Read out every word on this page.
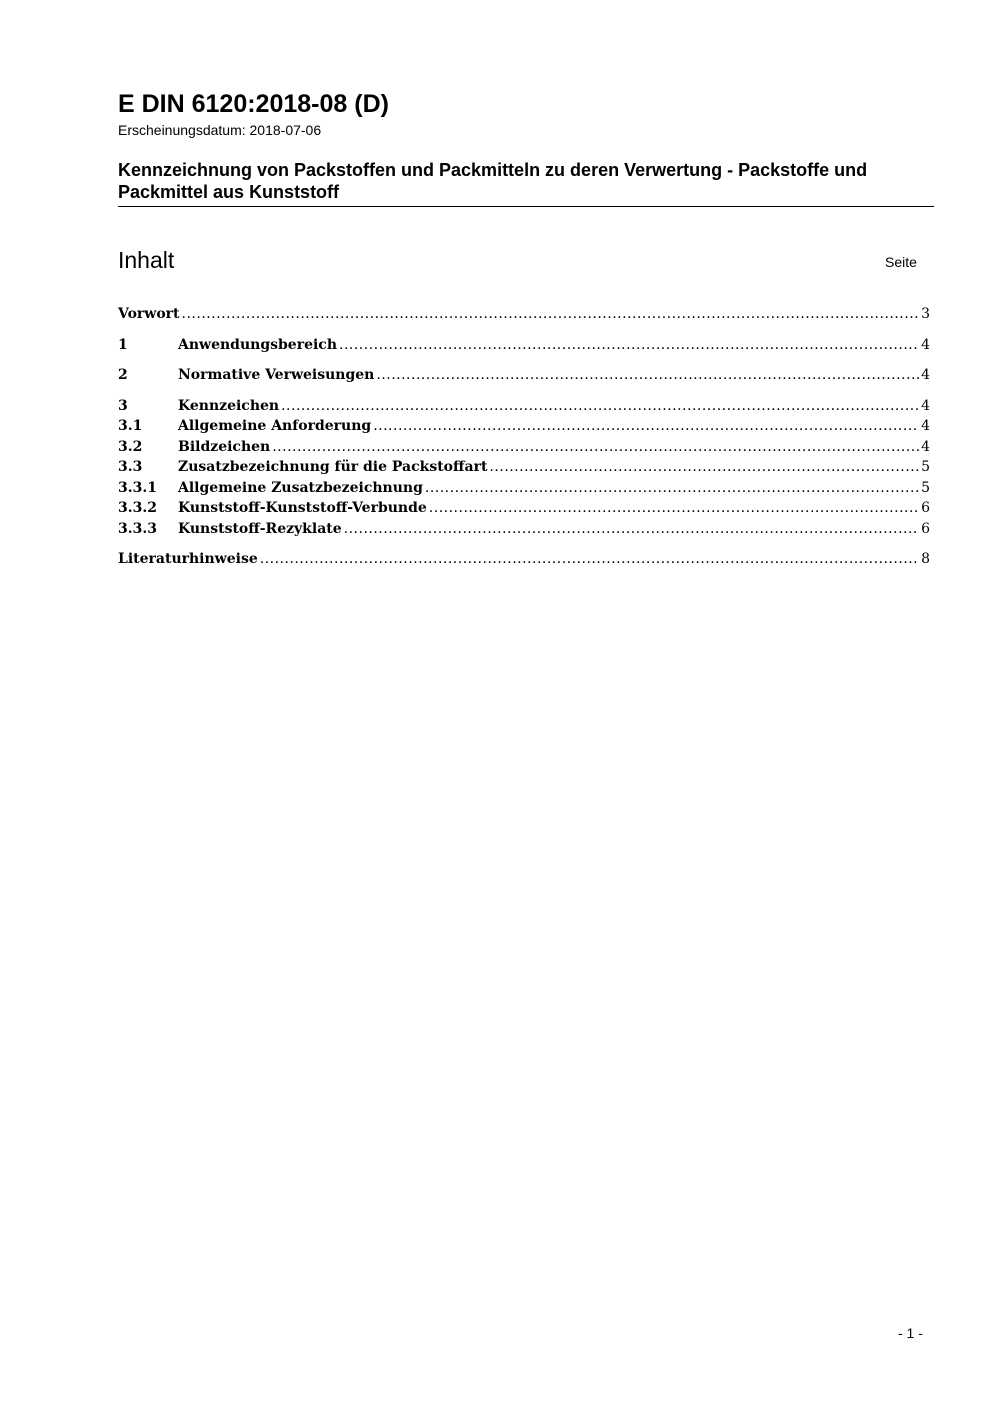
E DIN 6120:2018-08 (D)
Erscheinungsdatum: 2018-07-06
Kennzeichnung von Packstoffen und Packmitteln zu deren Verwertung - Packstoffe und Packmittel aus Kunststoff
Inhalt	Seite
Vorwort .....	3
1	Anwendungsbereich .....	4
2	Normative Verweisungen .....	4
3	Kennzeichen .....	4
3.1	Allgemeine Anforderung .....	4
3.2	Bildzeichen .....	4
3.3	Zusatzbezeichnung für die Packstoffart .....	5
3.3.1	Allgemeine Zusatzbezeichnung .....	5
3.3.2	Kunststoff-Kunststoff-Verbunde .....	6
3.3.3	Kunststoff-Rezyklate .....	6
Literaturhinweise .....	8
- 1 -
